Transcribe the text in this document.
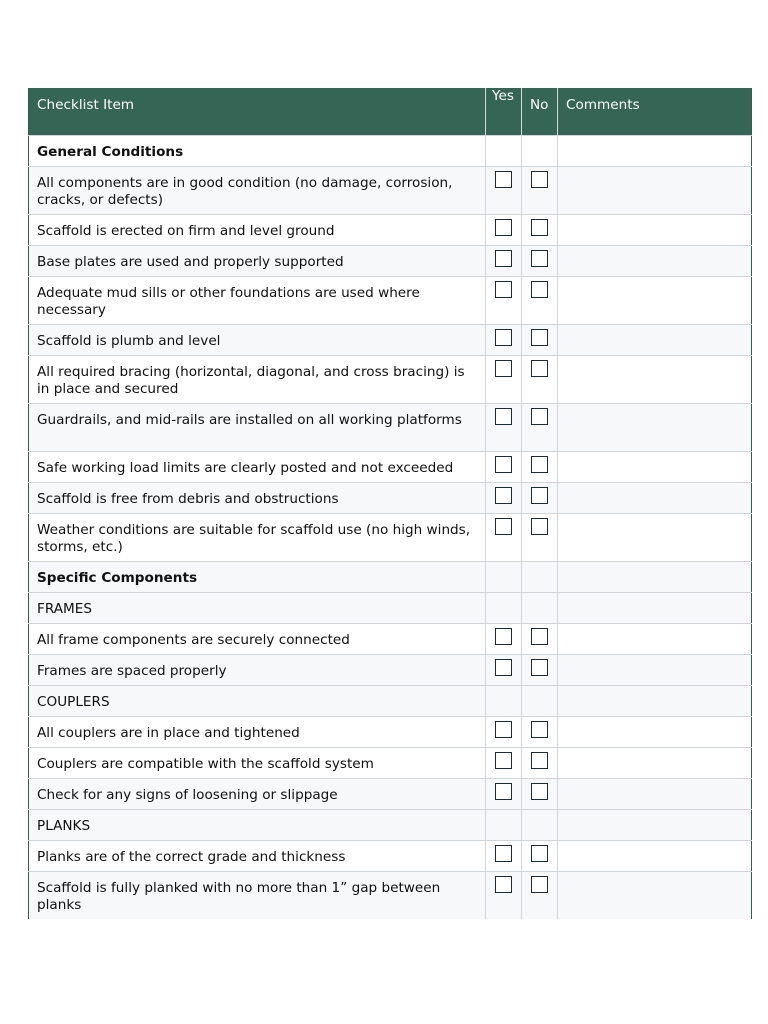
Checklist Item	Yes	No	Comments
General Conditions			
All components are in good condition (no damage, corrosion, cracks, or defects)			
Scaffold is erected on firm and level ground			
Base plates are used and properly supported			
Adequate mud sills or other foundations are used where necessary			
Scaffold is plumb and level			
All required bracing (horizontal, diagonal, and cross bracing) is in place and secured			
Guardrails, and mid-rails are installed on all working platforms			
Safe working load limits are clearly posted and not exceeded			
Scaffold is free from debris and obstructions			
Weather conditions are suitable for scaffold use (no high winds, storms, etc.)			
Specific Components			
FRAMES			
All frame components are securely connected			
Frames are spaced properly			
COUPLERS			
All couplers are in place and tightened			
Couplers are compatible with the scaffold system			
Check for any signs of loosening or slippage			
PLANKS			
Planks are of the correct grade and thickness			
Scaffold is fully planked with no more than 1” gap between planks			
